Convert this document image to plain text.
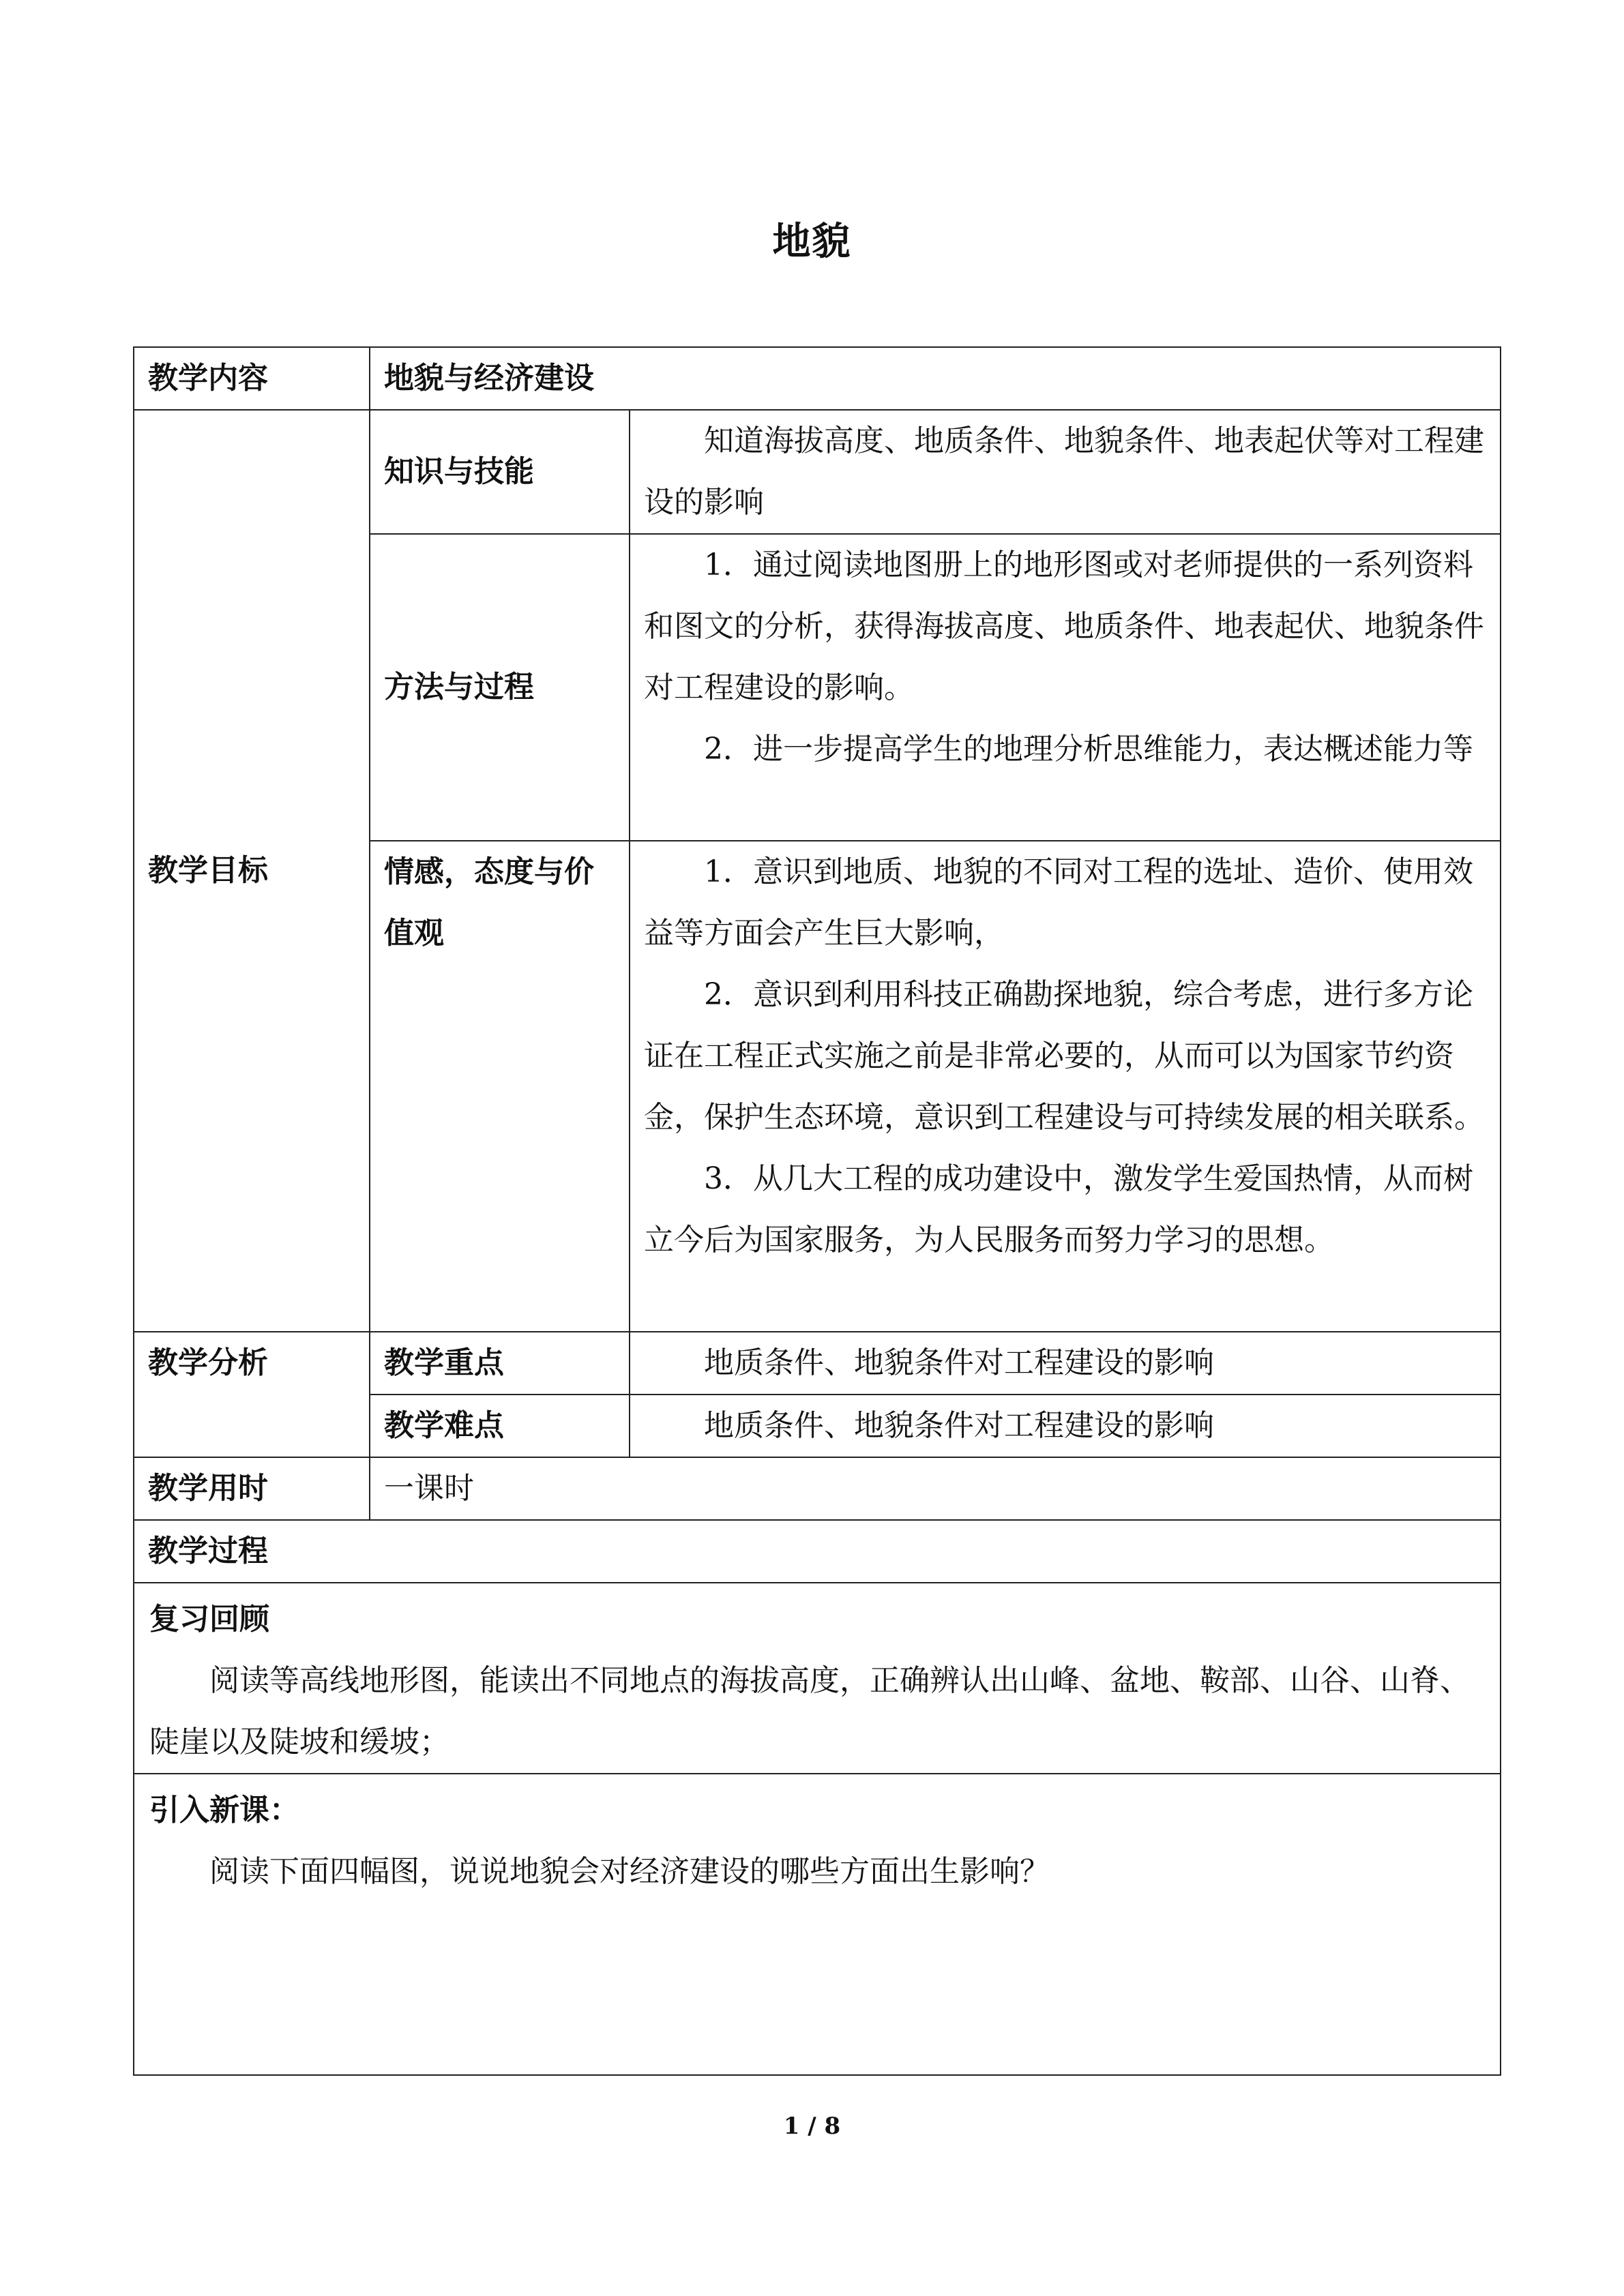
地貌
教学内容	地貌与经济建设	
教学目标	知识与技能	知道海拔高度、地质条件、地貌条件、地表起伏等对工程建设的影响

	方法与过程	1．通过阅读地图册上的地形图或对老师提供的一系列资料和图文的分析，获得海拔高度、地质条件、地表起伏、地貌条件对工程建设的影响。

2．进一步提高学生的地理分析思维能力，表达概述能力等

	情感，态度与价值观	1．意识到地质、地貌的不同对工程的选址、造价、使用效益等方面会产生巨大影响，

2．意识到利用科技正确勘探地貌，综合考虑，进行多方论证在工程正式实施之前是非常必要的，从而可以为国家节约资金，保护生态环境，意识到工程建设与可持续发展的相关联系。

3．从几大工程的成功建设中，激发学生爱国热情，从而树立今后为国家服务，为人民服务而努力学习的思想。

教学分析	教学重点	地质条件、地貌条件对工程建设的影响

	教学难点	地质条件、地貌条件对工程建设的影响

教学用时	一课时	
教学过程		

复习回顾

阅读等高线地形图，能读出不同地点的海拔高度，正确辨认出山峰、盆地、鞍部、山谷、山脊、陡崖以及陡坡和缓坡；		

引入新课：

阅读下面四幅图，说说地貌会对经济建设的哪些方面出生影响？		

1 / 8
